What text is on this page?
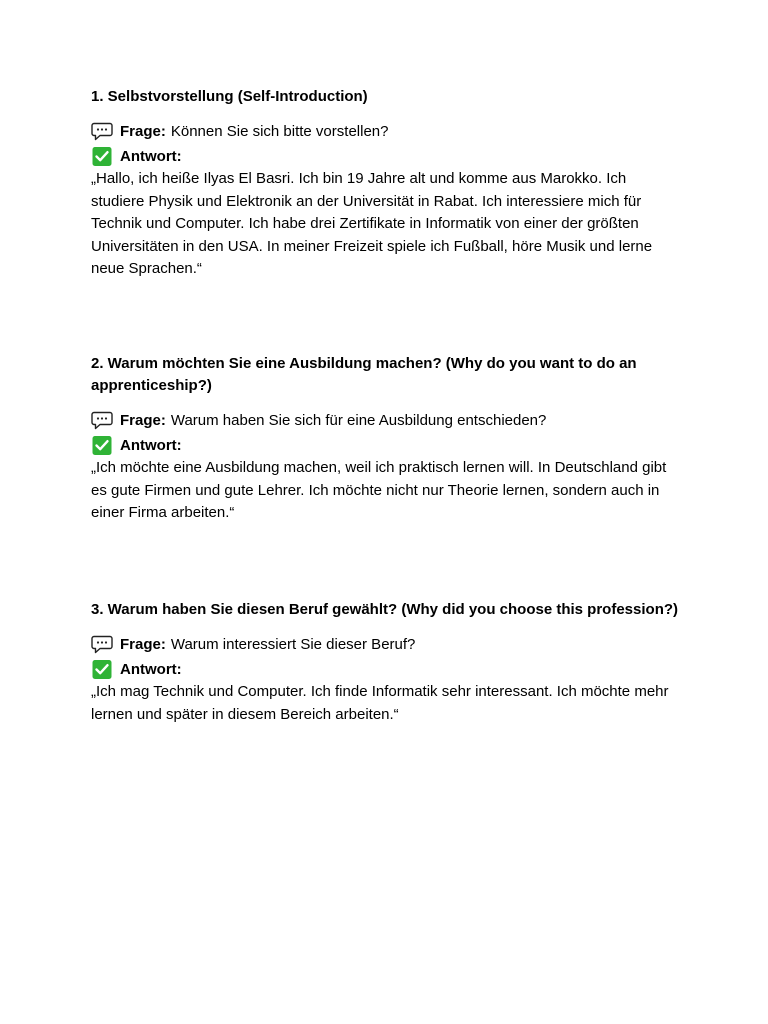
1. Selbstvorstellung (Self-Introduction)

Frage: Können Sie sich bitte vorstellen?
Antwort:

„Hallo, ich heiße Ilyas El Basri. Ich bin 19 Jahre alt und komme aus Marokko. Ich studiere Physik und Elektronik an der Universität in Rabat. Ich interessiere mich für Technik und Computer. Ich habe drei Zertifikate in Informatik von einer der größten Universitäten in den USA. In meiner Freizeit spiele ich Fußball, höre Musik und lerne neue Sprachen.“

2. Warum möchten Sie eine Ausbildung machen? (Why do you want to do an apprenticeship?)

Frage: Warum haben Sie sich für eine Ausbildung entschieden?
Antwort:

„Ich möchte eine Ausbildung machen, weil ich praktisch lernen will. In Deutschland gibt es gute Firmen und gute Lehrer. Ich möchte nicht nur Theorie lernen, sondern auch in einer Firma arbeiten.“

3. Warum haben Sie diesen Beruf gewählt? (Why did you choose this profession?)

Frage: Warum interessiert Sie dieser Beruf?
Antwort:

„Ich mag Technik und Computer. Ich finde Informatik sehr interessant. Ich möchte mehr lernen und später in diesem Bereich arbeiten.“
